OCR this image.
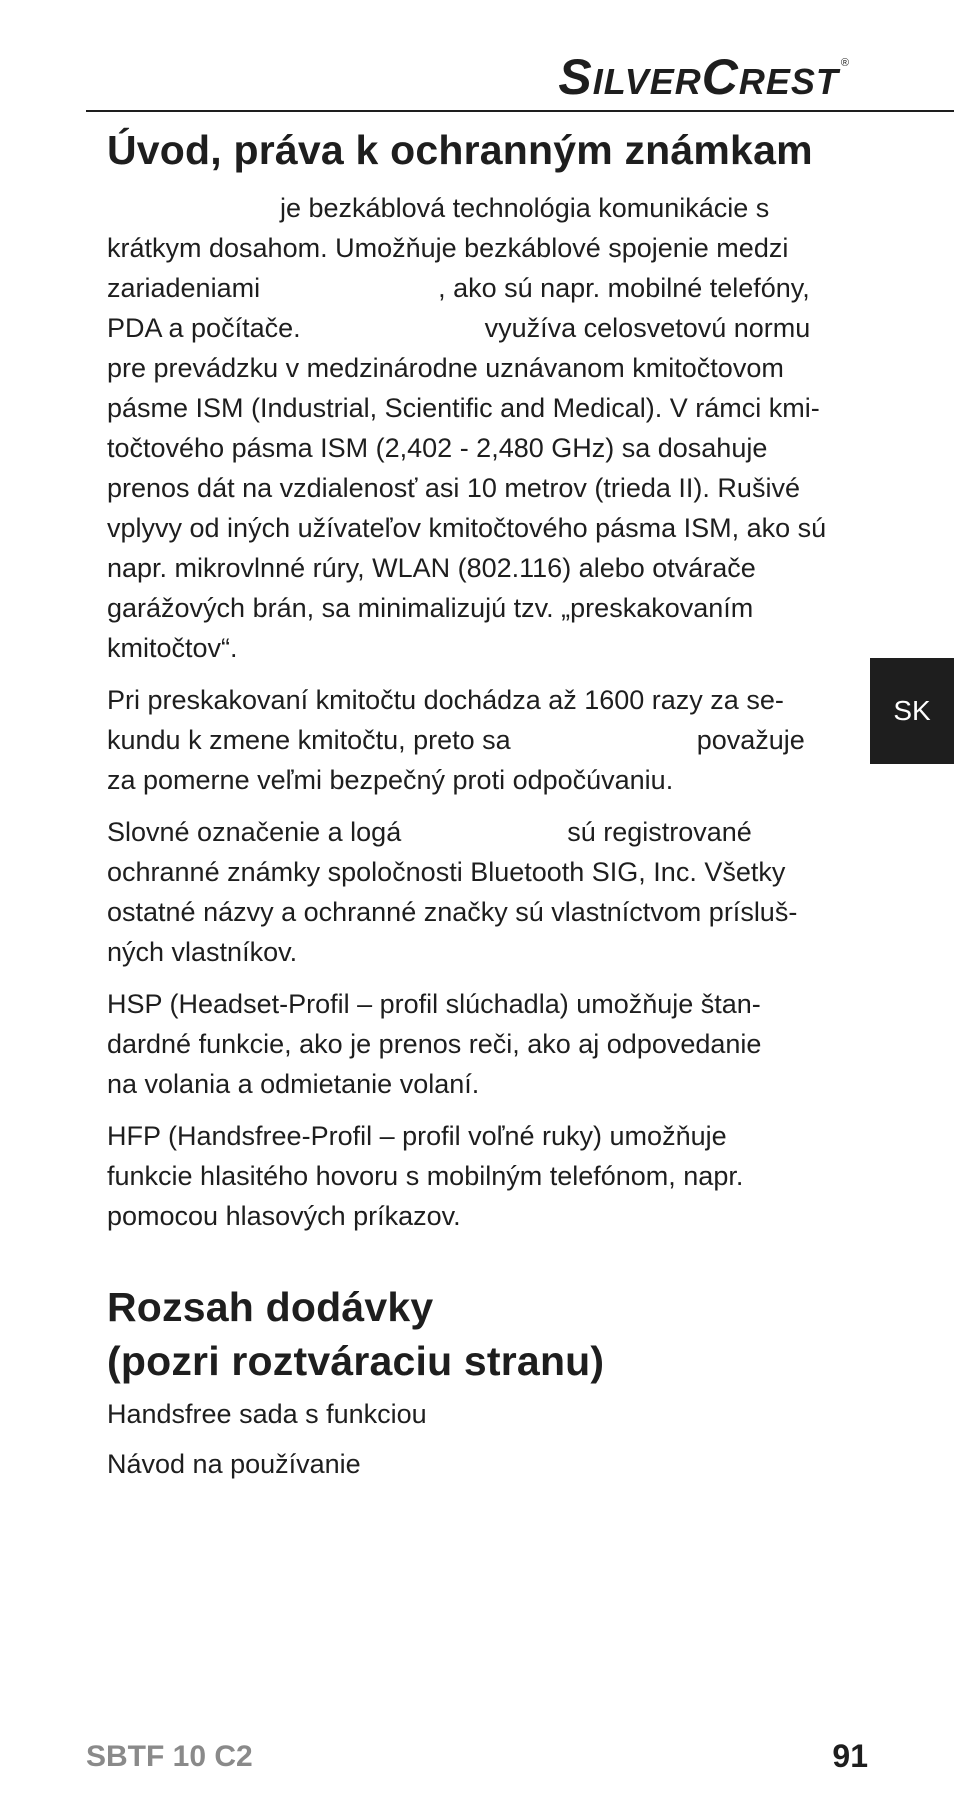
SILVERCREST ®
SK
Úvod, práva k ochranným známkam

je bezkáblová technológia komunikácie s
krátkym dosahom. Umožňuje bezkáblové spojenie medzi
zariadeniami	, ako sú napr. mobilné telefóny,
PDA a počítače.	využíva celosvetovú normu
pre prevádzku v medzinárodne uznávanom kmitočtovom
pásme ISM (Industrial, Scientific and Medical). V rámci kmi-
točtového pásma ISM (2,402 - 2,480 GHz) sa dosahuje
prenos dát na vzdialenosť asi 10 metrov (trieda II). Rušivé
vplyvy od iných užívateľov kmitočtového pásma ISM, ako sú
napr. mikrovlnné rúry, WLAN (802.116) alebo otvárače
garážových brán, sa minimalizujú tzv. „preskakovaním
kmitočtov“.

Pri preskakovaní kmitočtu dochádza až 1600 razy za se-
kundu k zmene kmitočtu, preto sa	považuje
za pomerne veľmi bezpečný proti odpočúvaniu.

Slovné označenie a logá	sú registrované
ochranné známky spoločnosti Bluetooth SIG, Inc. Všetky
ostatné názvy a ochranné značky sú vlastníctvom prísluš-
ných vlastníkov.

HSP (Headset-Profil – profil slúchadla) umožňuje štan-
dardné funkcie, ako je prenos reči, ako aj odpovedanie
na volania a odmietanie volaní.

HFP (Handsfree-Profil – profil voľné ruky) umožňuje
funkcie hlasitého hovoru s mobilným telefónom, napr.
pomocou hlasových príkazov.

Rozsah dodávky
(pozri roztváraciu stranu)

Handsfree sada s funkciou

Návod na používanie

SBTF 10 C2	91
